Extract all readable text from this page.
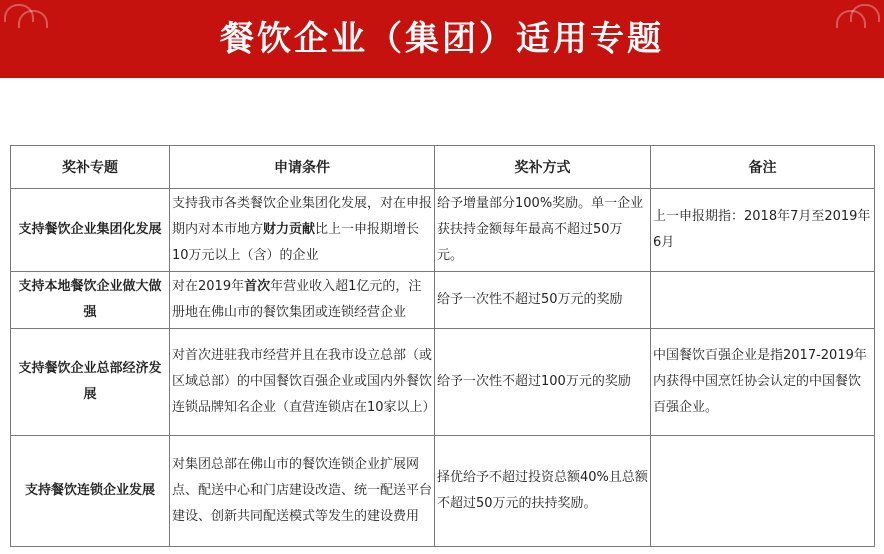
餐饮企业（集团）适用专题
奖补专题	申请条件	奖补方式	备注
支持餐饮企业集团化发展	支持我市各类餐饮企业集团化发展，对在申报期内对本市地方财力贡献比上一申报期增长10万元以上（含）的企业	给予增量部分100%奖励。单一企业获扶持金额每年最高不超过50万元。	上一申报期指：2018年7月至2019年6月
支持本地餐饮企业做大做强	对在2019年首次年营业收入超1亿元的，注册地在佛山市的餐饮集团或连锁经营企业	给予一次性不超过50万元的奖励	
支持餐饮企业总部经济发展	对首次进驻我市经营并且在我市设立总部（或区域总部）的中国餐饮百强企业或国内外餐饮连锁品牌知名企业（直营连锁店在10家以上）	给予一次性不超过100万元的奖励	中国餐饮百强企业是指2017-2019年内获得中国烹饪协会认定的中国餐饮百强企业。
支持餐饮连锁企业发展	对集团总部在佛山市的餐饮连锁企业扩展网点、配送中心和门店建设改造、统一配送平台建设、创新共同配送模式等发生的建设费用	择优给予不超过投资总额40%且总额不超过50万元的扶持奖励。	
